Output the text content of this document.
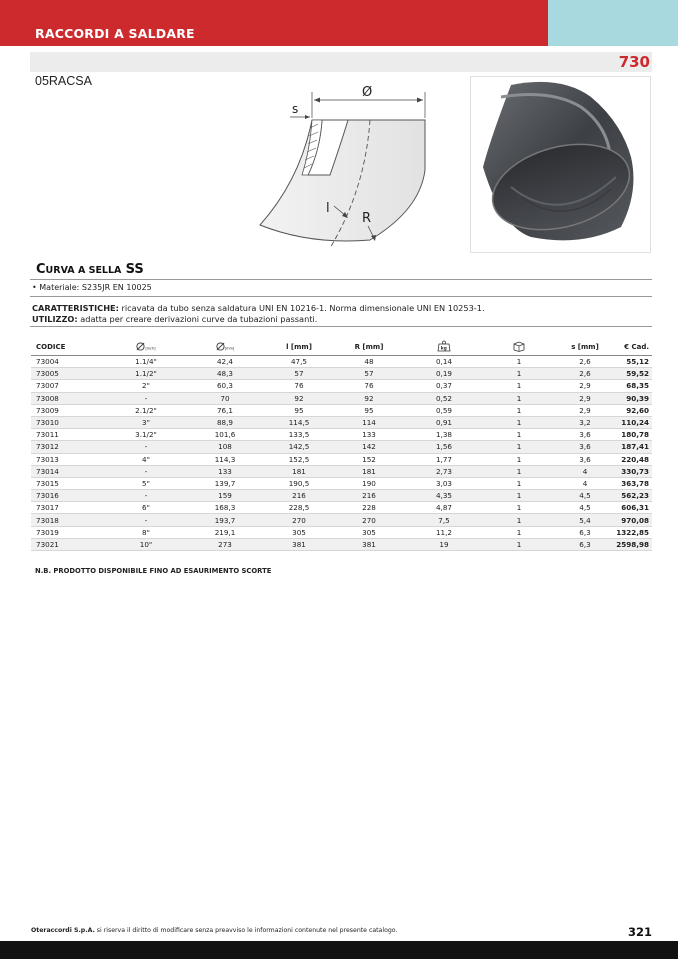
RACCORDI A SALDARE
730
05RACSA
Ø
s
l
R
CURVA A SELLA SS
• Materiale: S235JR EN 10025
CARATTERISTICHE: ricavata da tubo senza saldatura UNI EN 10216-1. Norma dimensionale UNI EN 10253-1.
UTILIZZO: adatta per creare derivazioni curve da tubazioni passanti.
CODICE	[inch]	[mm]	l [mm]	R [mm]	kg		s [mm]	€ Cad.
73004	1.1/4"	42,4	47,5	48	0,14	1	2,6	55,12
73005	1.1/2"	48,3	57	57	0,19	1	2,6	59,52
73007	2"	60,3	76	76	0,37	1	2,9	68,35
73008	-	70	92	92	0,52	1	2,9	90,39
73009	2.1/2"	76,1	95	95	0,59	1	2,9	92,60
73010	3"	88,9	114,5	114	0,91	1	3,2	110,24
73011	3.1/2"	101,6	133,5	133	1,38	1	3,6	180,78
73012	-	108	142,5	142	1,56	1	3,6	187,41
73013	4"	114,3	152,5	152	1,77	1	3,6	220,48
73014	-	133	181	181	2,73	1	4	330,73
73015	5"	139,7	190,5	190	3,03	1	4	363,78
73016	-	159	216	216	4,35	1	4,5	562,23
73017	6"	168,3	228,5	228	4,87	1	4,5	606,31
73018	-	193,7	270	270	7,5	1	5,4	970,08
73019	8"	219,1	305	305	11,2	1	6,3	1322,85
73021	10"	273	381	381	19	1	6,3	2598,98
N.B. PRODOTTO DISPONIBILE FINO AD ESAURIMENTO SCORTE
Oteraccordi S.p.A. si riserva il diritto di modificare senza preavviso le informazioni contenute nel presente catalogo.	321
